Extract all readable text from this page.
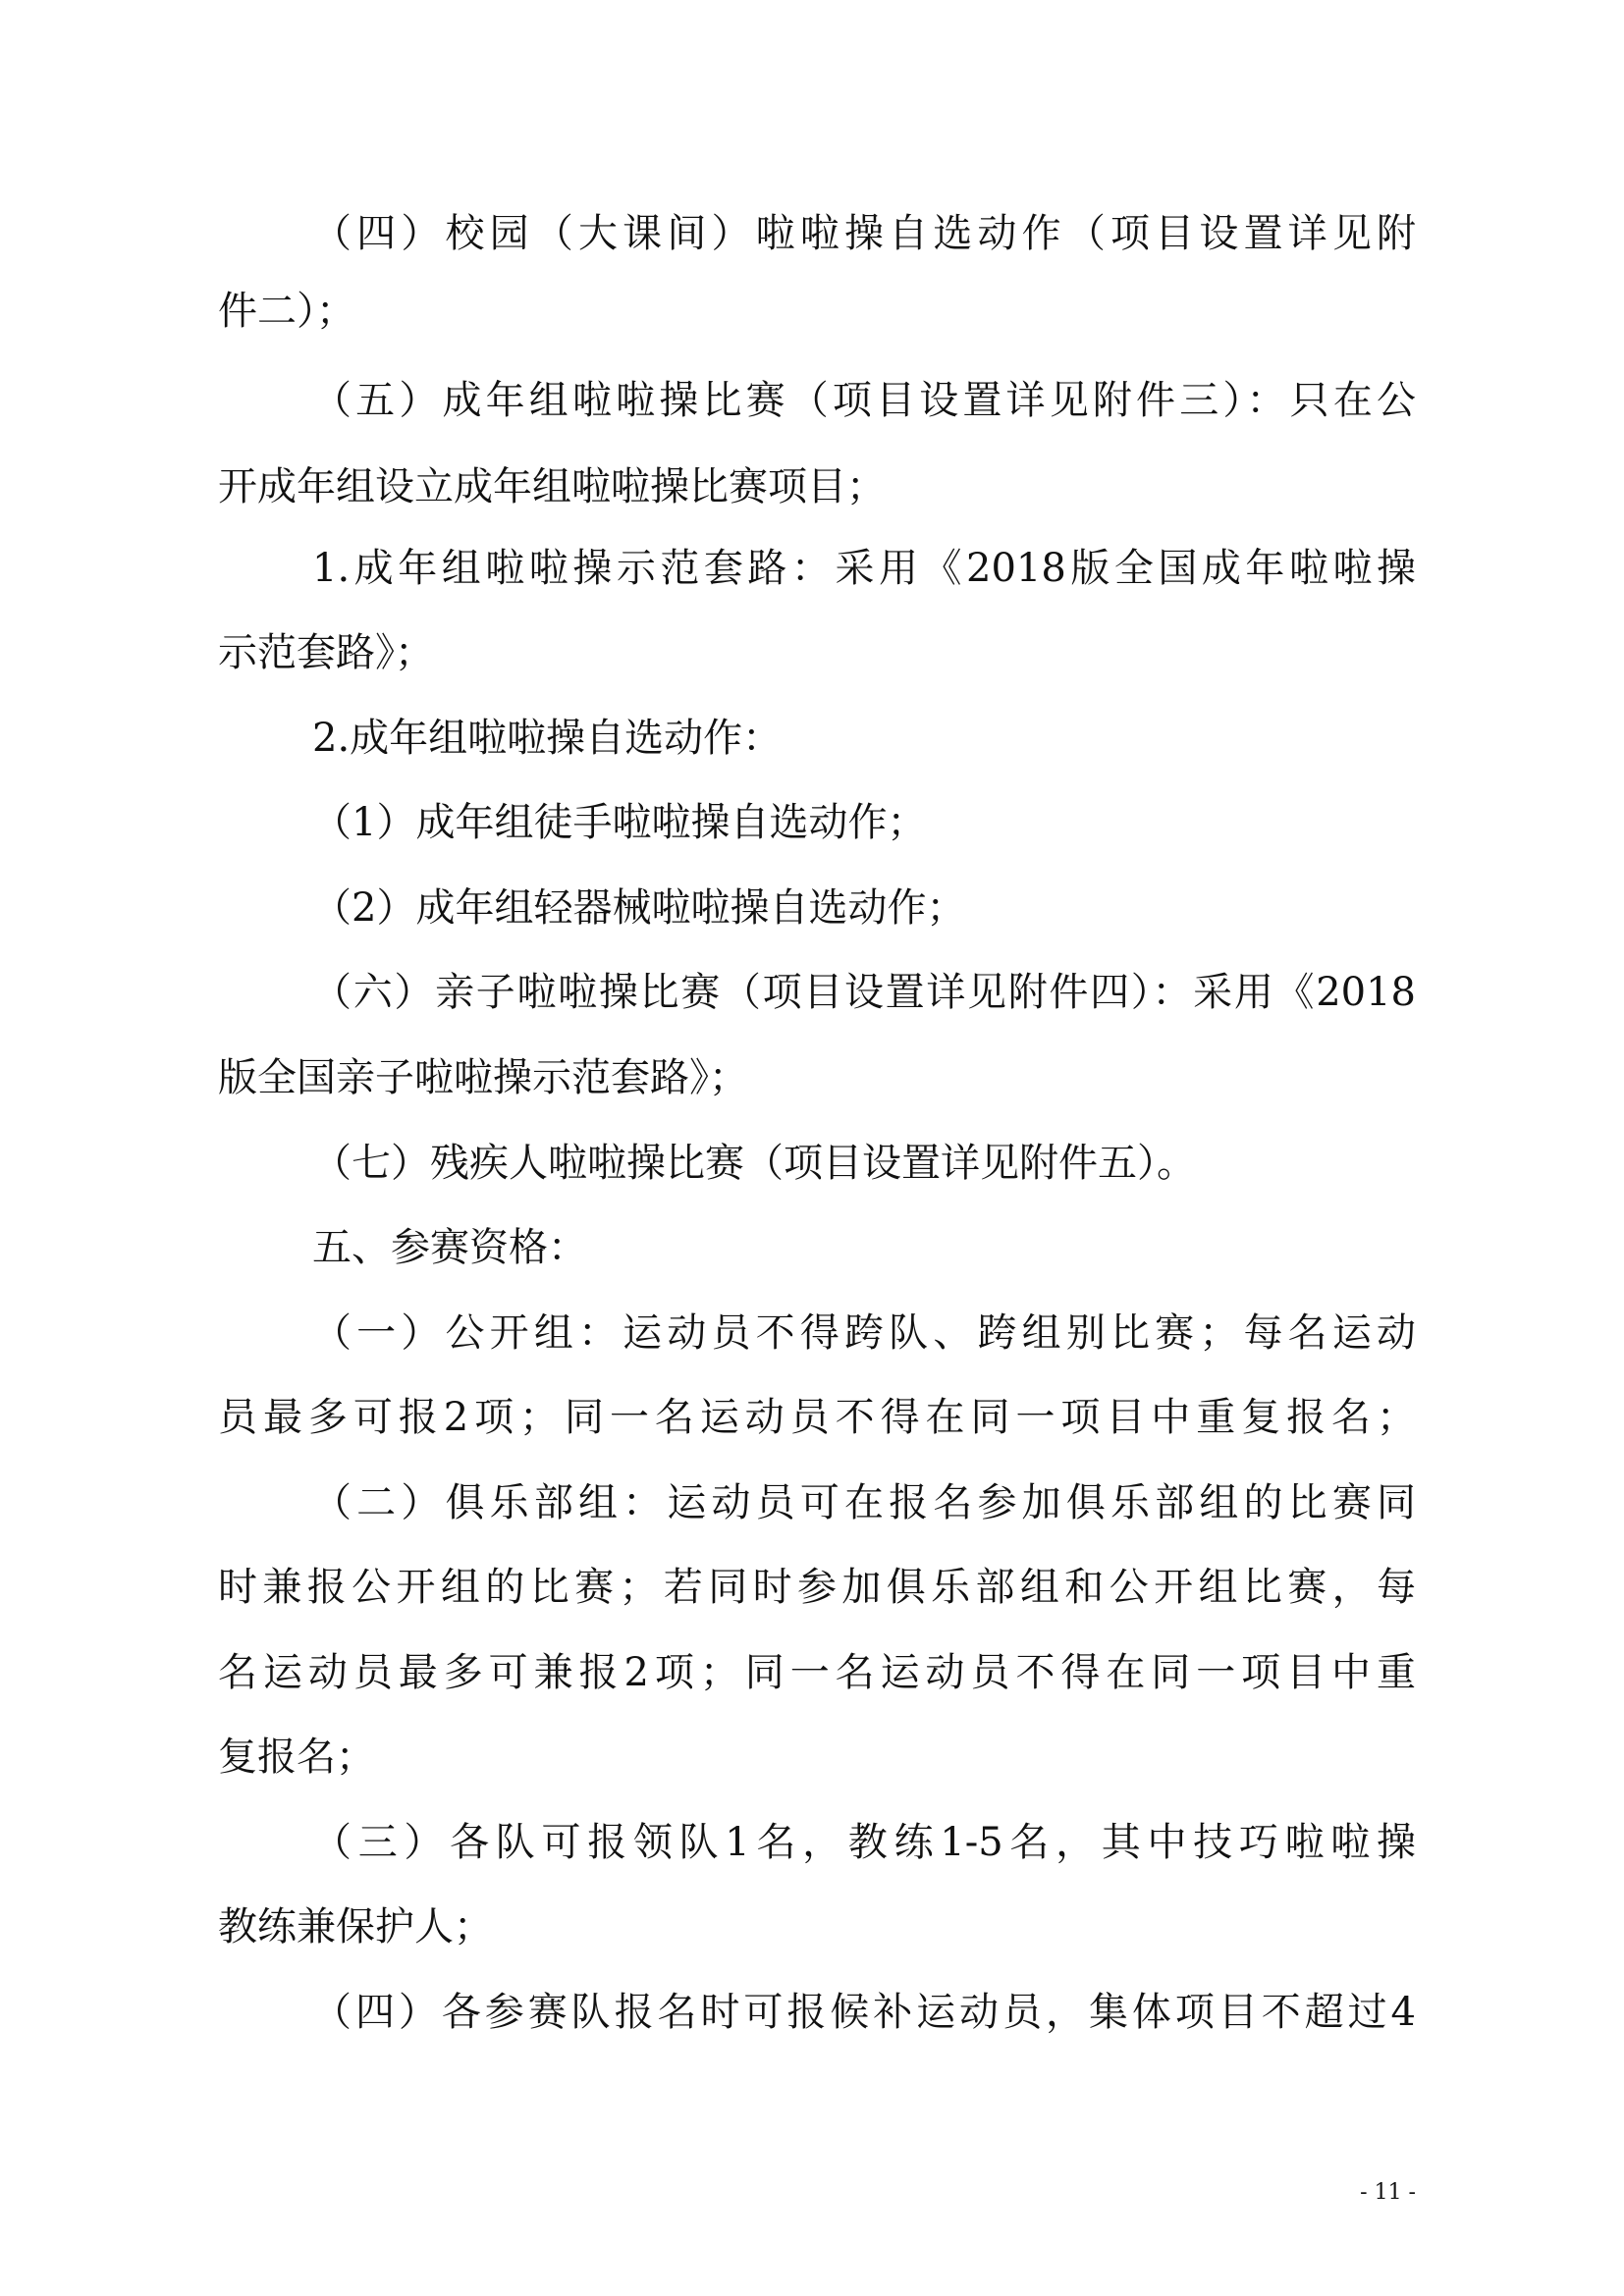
（四）校园（大课间）啦啦操自选动作（项目设置详见附
件二）；
（五）成年组啦啦操比赛（项目设置详见附件三）：只在公
开成年组设立成年组啦啦操比赛项目；
1.成年组啦啦操示范套路：采用《2018版全国成年啦啦操
示范套路》；
2.成年组啦啦操自选动作：
（1）成年组徒手啦啦操自选动作；
（2）成年组轻器械啦啦操自选动作；
（六）亲子啦啦操比赛（项目设置详见附件四）：采用《2018
版全国亲子啦啦操示范套路》；
（七）残疾人啦啦操比赛（项目设置详见附件五）。
五、参赛资格：
（一）公开组：运动员不得跨队、跨组别比赛；每名运动
员最多可报2项；同一名运动员不得在同一项目中重复报名；
（二）俱乐部组：运动员可在报名参加俱乐部组的比赛同
时兼报公开组的比赛；若同时参加俱乐部组和公开组比赛，每
名运动员最多可兼报2项；同一名运动员不得在同一项目中重
复报名；
（三）各队可报领队1名，教练1-5名，其中技巧啦啦操
教练兼保护人；
（四）各参赛队报名时可报候补运动员，集体项目不超过4
- 11 -
